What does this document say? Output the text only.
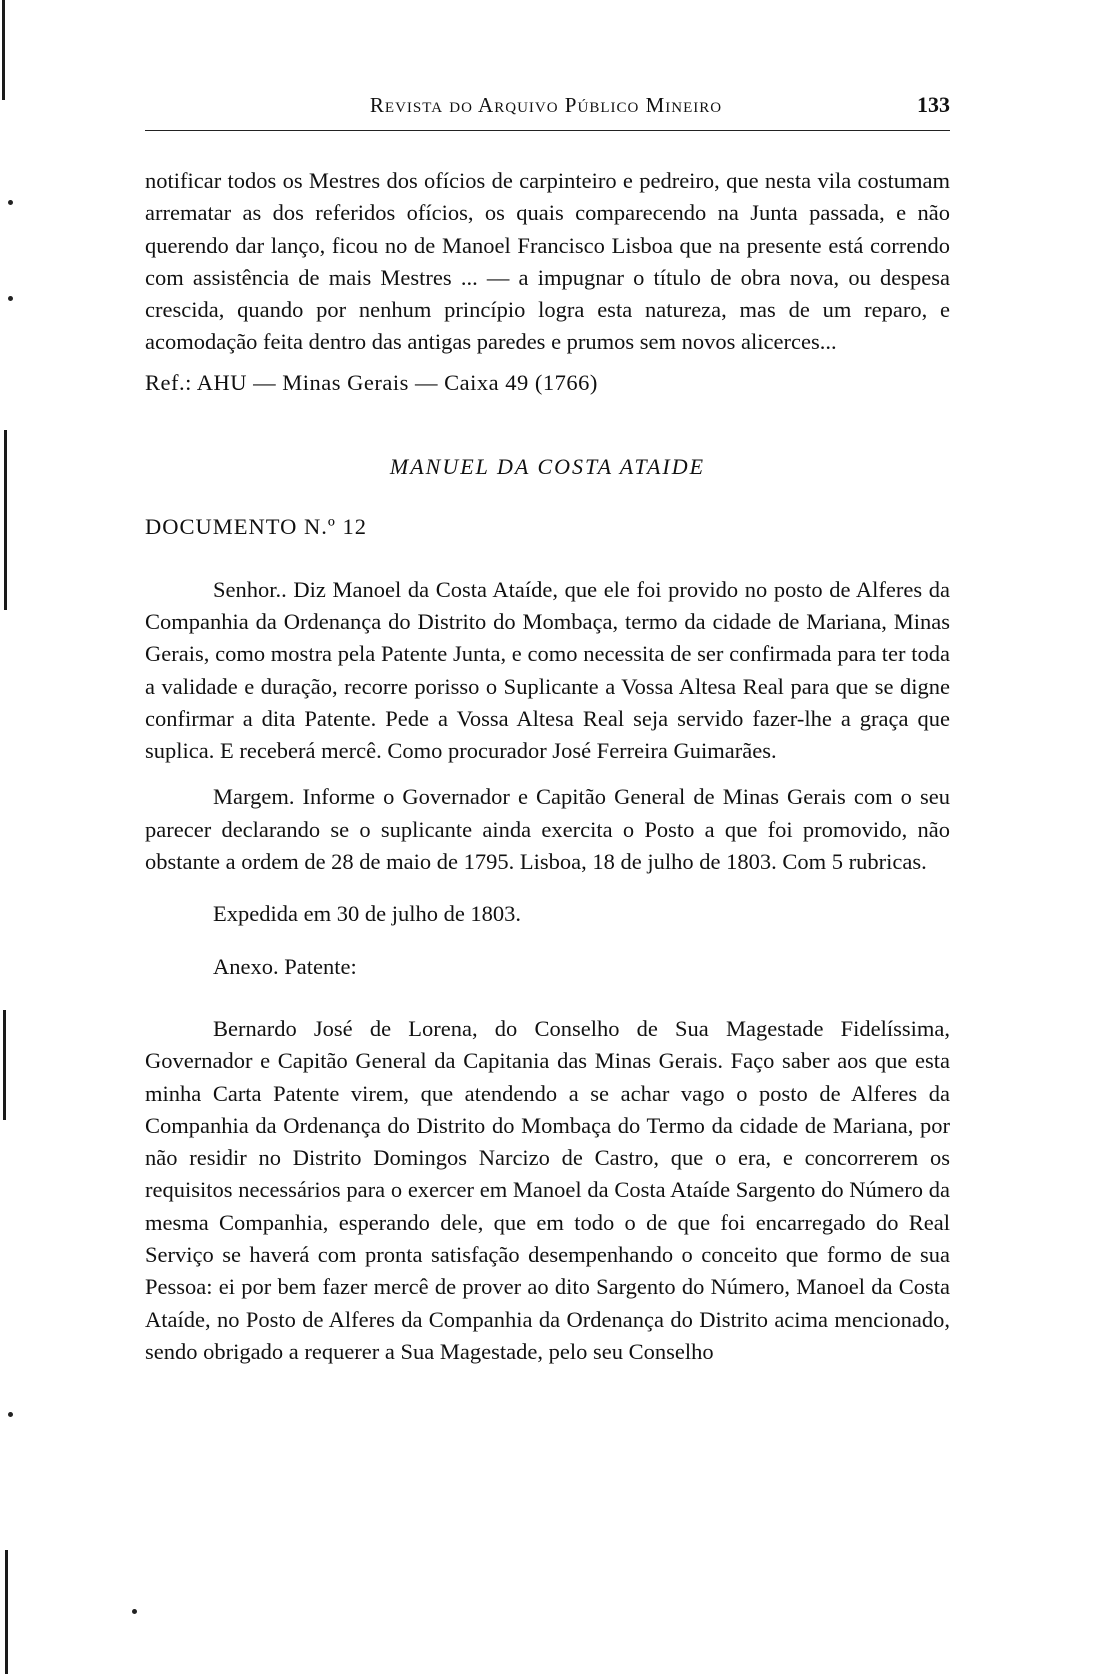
Revista do Arquivo Público Mineiro	133

notificar todos os Mestres dos ofícios de carpinteiro e pedreiro, que nesta vila costumam arrematar as dos referidos ofícios, os quais comparecendo na Junta passada, e não querendo dar lanço, ficou no de Manoel Francisco Lisboa que na presente está correndo com assistência de mais Mestres ... — a impugnar o título de obra nova, ou despesa crescida, quando por nenhum princípio logra esta natureza, mas de um reparo, e acomodação feita dentro das antigas paredes e prumos sem novos alicerces...

Ref.: AHU — Minas Gerais — Caixa 49 (1766)

MANUEL DA COSTA ATAIDE

DOCUMENTO N.º 12

Senhor.. Diz Manoel da Costa Ataíde, que ele foi provido no posto de Alferes da Companhia da Ordenança do Distrito do Mombaça, termo da cidade de Mariana, Minas Gerais, como mostra pela Patente Junta, e como necessita de ser confirmada para ter toda a validade e duração, recorre porisso o Suplicante a Vossa Altesa Real para que se digne confirmar a dita Patente. Pede a Vossa Altesa Real seja servido fazer-lhe a graça que suplica. E receberá mercê. Como procurador José Ferreira Guimarães.

Margem. Informe o Governador e Capitão General de Minas Gerais com o seu parecer declarando se o suplicante ainda exercita o Posto a que foi promovido, não obstante a ordem de 28 de maio de 1795. Lisboa, 18 de julho de 1803. Com 5 rubricas.

Expedida em 30 de julho de 1803.

Anexo. Patente:

Bernardo José de Lorena, do Conselho de Sua Magestade Fidelíssima, Governador e Capitão General da Capitania das Minas Gerais. Faço saber aos que esta minha Carta Patente virem, que atendendo a se achar vago o posto de Alferes da Companhia da Ordenança do Distrito do Mombaça do Termo da cidade de Mariana, por não residir no Distrito Domingos Narcizo de Castro, que o era, e concorrerem os requisitos necessários para o exercer em Manoel da Costa Ataíde Sargento do Número da mesma Companhia, esperando dele, que em todo o de que foi encarregado do Real Serviço se haverá com pronta satisfação desempenhando o conceito que formo de sua Pessoa: ei por bem fazer mercê de prover ao dito Sargento do Número, Manoel da Costa Ataíde, no Posto de Alferes da Companhia da Ordenança do Distrito acima mencionado, sendo obrigado a requerer a Sua Magestade, pelo seu Conselho
